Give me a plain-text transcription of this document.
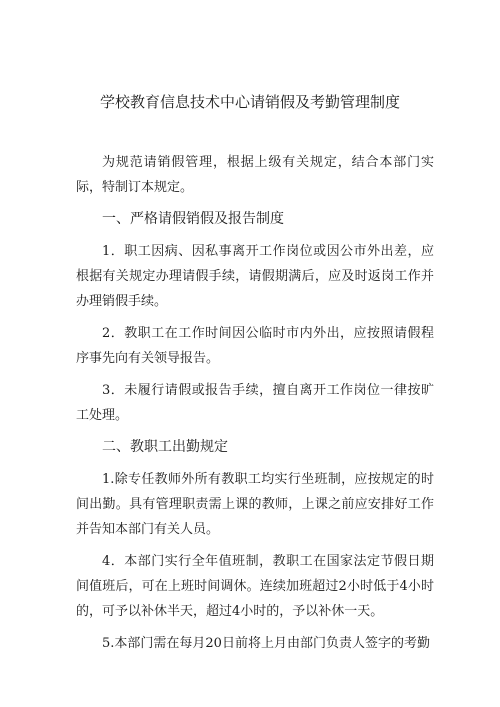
学校教育信息技术中心请销假及考勤管理制度

为规范请销假管理，根据上级有关规定，结合本部门实际，特制订本规定。

一、严格请假销假及报告制度

1．职工因病、因私事离开工作岗位或因公市外出差，应根据有关规定办理请假手续，请假期满后，应及时返岗工作并办理销假手续。

2．教职工在工作时间因公临时市内外出，应按照请假程序事先向有关领导报告。

3．未履行请假或报告手续，擅自离开工作岗位一律按旷工处理。

二、教职工出勤规定

1.除专任教师外所有教职工均实行坐班制，应按规定的时间出勤。具有管理职责需上课的教师，上课之前应安排好工作并告知本部门有关人员。

4．本部门实行全年值班制，教职工在国家法定节假日期间值班后，可在上班时间调休。连续加班超过2小时低于4小时的，可予以补休半天，超过4小时的，予以补休一天。

5.本部门需在每月20日前将上月由部门负责人签字的考勤
